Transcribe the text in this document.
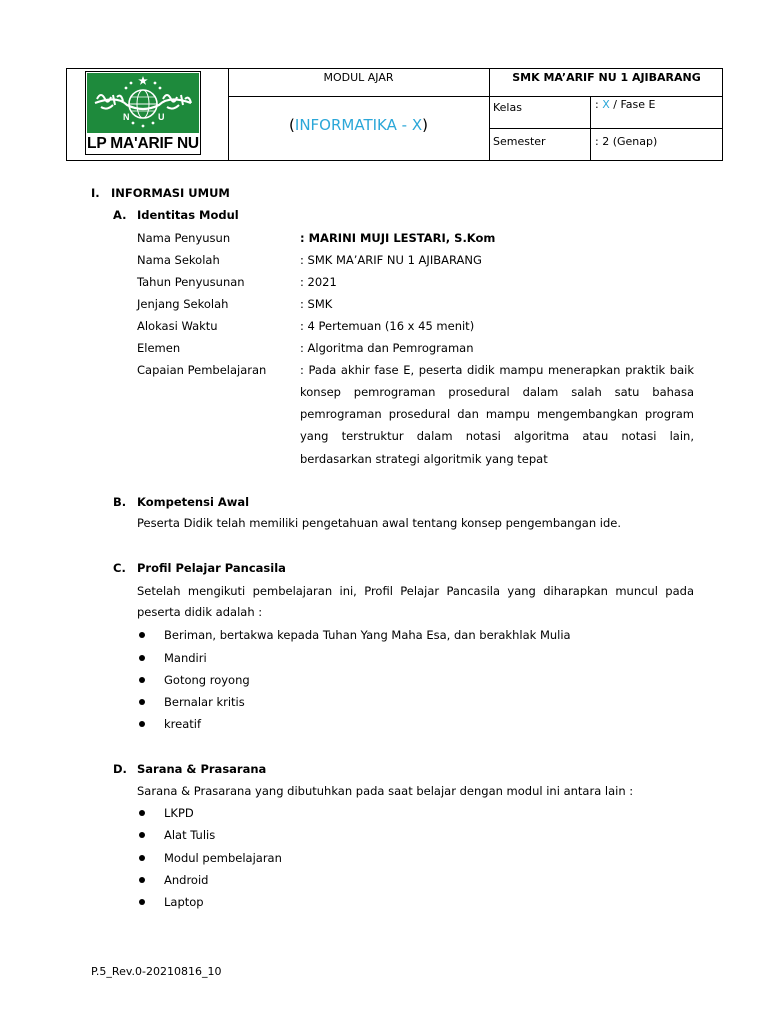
N	U
LP MA'ARIF NU
MODUL AJAR	SMK MA’ARIF NU 1 AJIBARANG
(INFORMATIKA - X)
Kelas	: X / Fase E
Semester	: 2 (Genap)
I. INFORMASI UMUM
A. Identitas Modul
Nama Penyusun	: MARINI MUJI LESTARI, S.Kom
Nama Sekolah	: SMK MA’ARIF NU 1 AJIBARANG
Tahun Penyusunan	: 2021
Jenjang Sekolah	: SMK
Alokasi Waktu	: 4 Pertemuan (16 x 45 menit)
Elemen	: Algoritma dan Pemrograman
Capaian Pembelajaran	: Pada akhir fase E, peserta didik mampu menerapkan praktik baik
konsep pemrograman prosedural dalam salah satu bahasa
pemrograman prosedural dan mampu mengembangkan program
yang terstruktur dalam notasi algoritma atau notasi lain,
berdasarkan strategi algoritmik yang tepat
B. Kompetensi Awal
Peserta Didik telah memiliki pengetahuan awal tentang konsep pengembangan ide.
C. Profil Pelajar Pancasila
Setelah mengikuti pembelajaran ini, Profil Pelajar Pancasila yang diharapkan muncul pada
peserta didik adalah :
Beriman, bertakwa kepada Tuhan Yang Maha Esa, dan berakhlak Mulia
Mandiri
Gotong royong
Bernalar kritis
kreatif
D. Sarana & Prasarana
Sarana & Prasarana yang dibutuhkan pada saat belajar dengan modul ini antara lain :
LKPD
Alat Tulis
Modul pembelajaran
Android
Laptop
P.5_Rev.0-20210816_10
